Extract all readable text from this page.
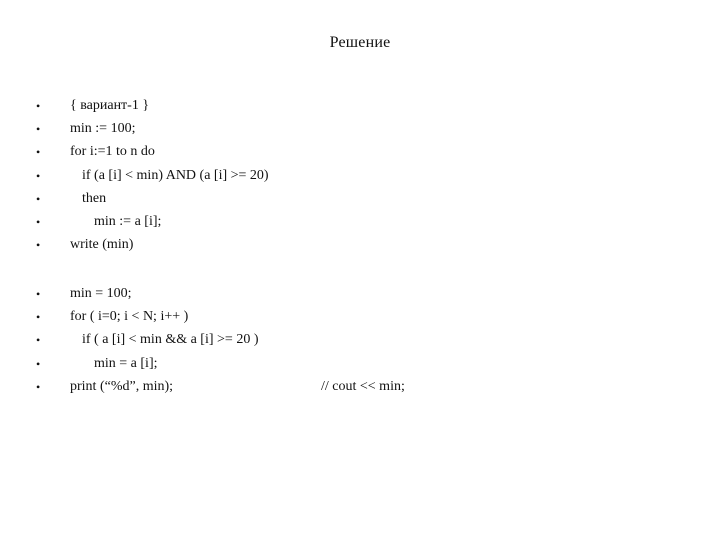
Решение

•

	{ вариант-1 }

•

	min := 100;

•

	for i:=1 to n do

•

	if (a [i] < min) AND (a [i] >= 20)

•

	then

•

	min := a [i];

•

	write (min)

•

	min = 100;

•

	for ( i=0; i < N; i++ )

•

	if ( a [i] < min && a [i] >= 20 )

•

	min = a [i];

•

	print (“%d”, min);

	// cout << min;
